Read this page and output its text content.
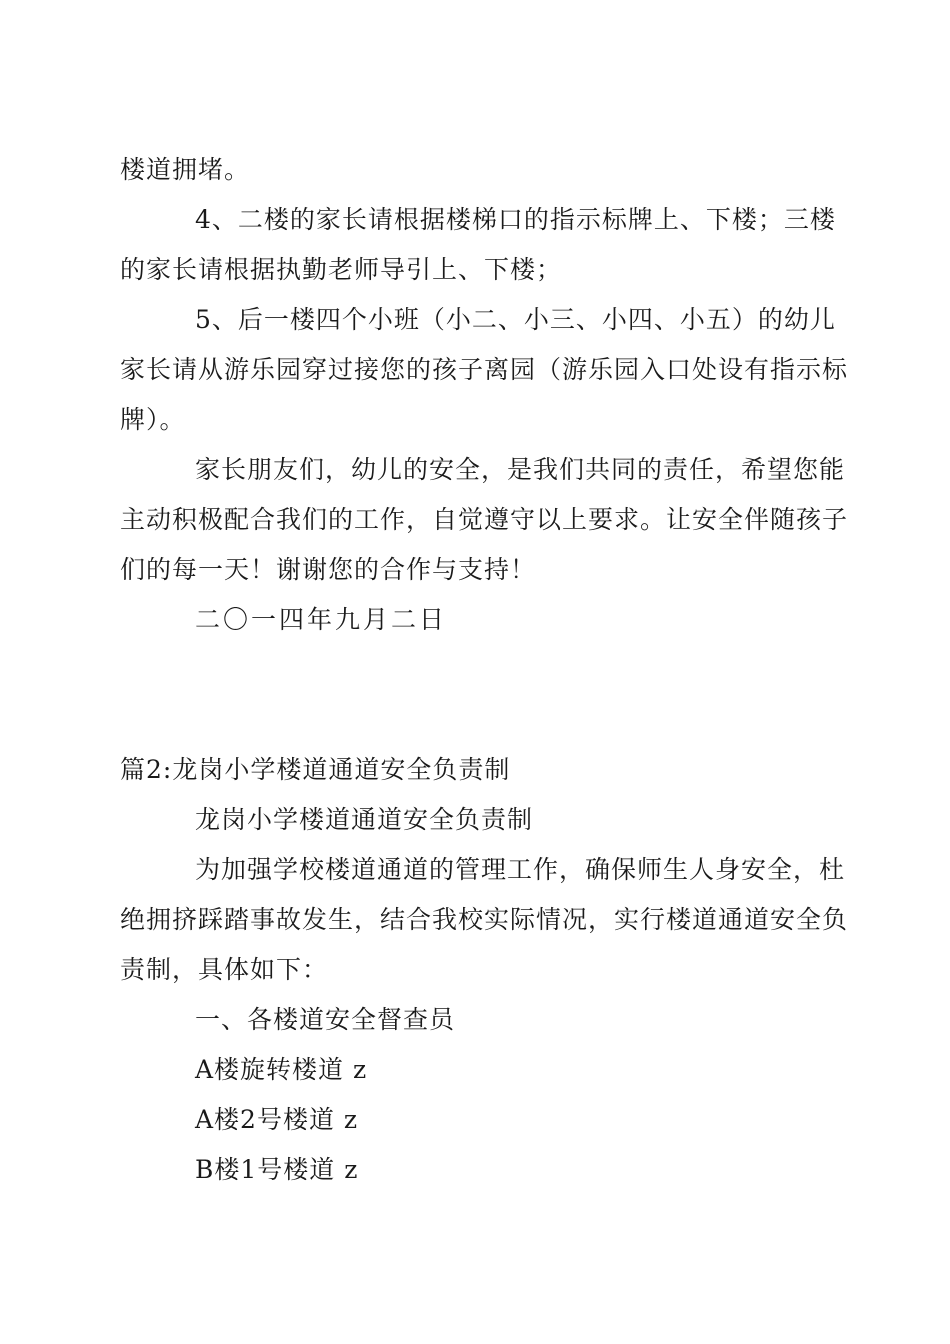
楼道拥堵。
4、二楼的家长请根据楼梯口的指示标牌上、下楼；三楼
的家长请根据执勤老师导引上、下楼；
5、后一楼四个小班（小二、小三、小四、小五）的幼儿
家长请从游乐园穿过接您的孩子离园（游乐园入口处设有指示标
牌）。
家长朋友们，幼儿的安全，是我们共同的责任，希望您能
主动积极配合我们的工作，自觉遵守以上要求。让安全伴随孩子
们的每一天！谢谢您的合作与支持！
二〇一四年九月二日
篇2:龙岗小学楼道通道安全负责制
龙岗小学楼道通道安全负责制
为加强学校楼道通道的管理工作，确保师生人身安全，杜
绝拥挤踩踏事故发生，结合我校实际情况，实行楼道通道安全负
责制，具体如下：
一、各楼道安全督查员
A楼旋转楼道 z
A楼2号楼道 z
B楼1号楼道 z
